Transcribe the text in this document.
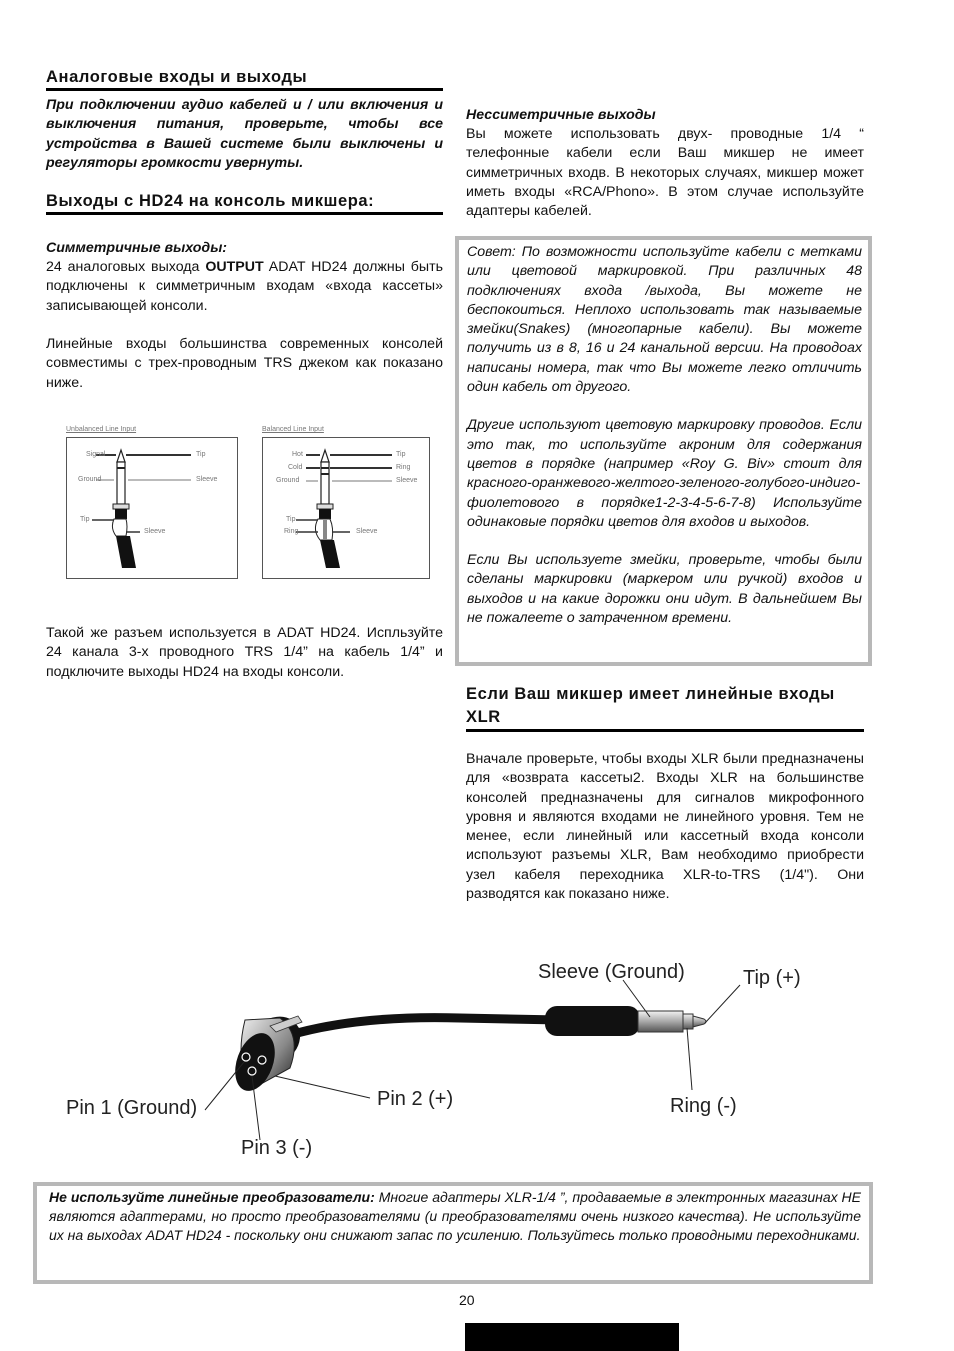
Аналоговые входы и выходы

При подключении аудио кабелей и / или включения и выключения питания, проверьте, чтобы все устройства в Вашей системе были выключены и регуляторы громкости увернуты.

Выходы с HD24 на консоль микшера:

Симметричные выходы:

24 аналоговых выхода OUTPUT ADAT HD24 должны быть подключены к симметричным входам «входа кассеты» записывающей консоли.

Линейные входы большинства современных консолей совместимы с трех-проводным TRS джеком как показано ниже.

Unbalanced Line Input
Signal
Ground
Tip
Sleeve
Tip
Sleeve
Balanced Line Input
Hot
Cold
Ground
Tip
Ring
Sleeve
Tip
Ring	Sleeve

Такой же разъем используется в ADAT HD24. Испльзуйте 24 канала 3-х проводного TRS 1/4” на кабель 1/4” и подключите выходы HD24 на входы консоли.

Нессиметричные выходы

Вы можете использовать двух- проводные 1/4 “ телефонные кабели если Ваш микшер не имеет симметричных входв. В некоторых случаях, микшер может иметь входы «RCA/Phono». В этом случае используйте адаптеры кабелей.

Совет: По возможности используйте кабели с метками или цветовой маркировкой. При различных 48 подключениях входа /выхода, Вы можете не беспокоиться. Неплохо использовать так называемые змейки(Snakes) (многопарные кабели). Вы можете получить из в 8, 16 и 24 канальной версии. На проводоах написаны номера, так что Вы можете легко отличить один кабель от другого.

Другие используют цветовую маркировку проводов. Если это так, то используйте акроним для содержания цветов в порядке (например «Roy G. Biv» стоит для красного-оранжевого-желтого-зеленого-голубого-индиго-фиолетового в порядке1-2-3-4-5-6-7-8) Используйте одинаковые порядки цветов для входов и выходов.

Если Вы используете змейки, проверьте, чтобы были сделаны маркировки (маркером или ручкой) входов и выходов и на какие дорожки они идут. В дальнейшем Вы не пожалеете о затраченном времени.

Если Ваш микшер имеет линейные входы XLR

Вначале проверьте, чтобы входы XLR были предназначены для «возврата кассеты2. Входы XLR на большинстве консолей предназначены для сигналов микрофонного уровня и являются входами не линейного уровня. Тем не менее, если линейный или кассетный входа консоли используют разъемы XLR, Вам необходимо приобрести узел кабеля переходника XLR-to-TRS (1/4"). Они разводятся как показано ниже.

Sleeve (Ground)	Tip (+)
Ring (-)
Pin 1 (Ground)	Pin 2 (+)
Pin 3 (-)

Не используйте линейные преобразователи: Многие адаптеры XLR-1/4 ”, продаваемые в электронных магазинах НЕ являются адаптерами, но просто преобразователями (и преобразователями очень низкого качества). Не используйте их на выходах ADAT HD24 - поскольку они снижают запас по усилению. Пользуйтесь только проводными переходниками.

20
